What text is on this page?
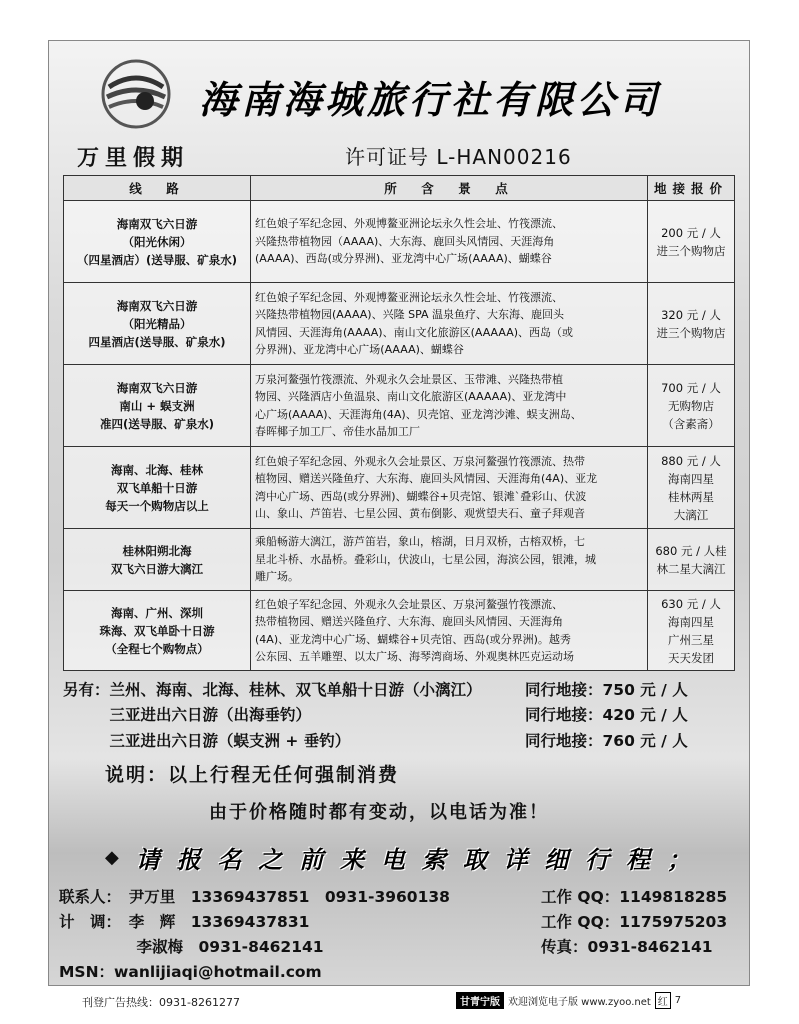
海南海城旅行社有限公司
万里假期	许可证号 L-HAN00216
线　路	所　含　景　点	地接报价

海南双飞六日游
（阳光休闲）
（四星酒店）(送导服、矿泉水)	红色娘子军纪念园、外观博鳌亚洲论坛永久性会址、竹筏漂流、
兴隆热带植物园（AAAA)、大东海、鹿回头风情园、天涯海角
(AAAA)、西岛(或分界洲)、亚龙湾中心广场(AAAA)、蝴蝶谷	200 元 / 人
进三个购物店

海南双飞六日游
（阳光精品）
四星酒店(送导服、矿泉水)	红色娘子军纪念园、外观博鳌亚洲论坛永久性会址、竹筏漂流、
兴隆热带植物园(AAAA)、兴隆 SPA 温泉鱼疗、大东海、鹿回头
风情园、天涯海角(AAAA)、南山文化旅游区(AAAAA)、西岛（或
分界洲)、亚龙湾中心广场(AAAA)、蝴蝶谷	320 元 / 人
进三个购物店

海南双飞六日游
南山 + 蜈支洲
准四(送导服、矿泉水)	万泉河鳌强竹筏漂流、外观永久会址景区、玉带滩、兴隆热带植
物园、兴隆酒店小鱼温泉、南山文化旅游区(AAAAA)、亚龙湾中
心广场(AAAA)、天涯海角(4A)、贝壳馆、亚龙湾沙滩、蜈支洲岛、
春晖椰子加工厂、帝佳水晶加工厂	700 元 / 人
无购物店
（含素斋）

海南、北海、桂林
双飞单船十日游
每天一个购物店以上	红色娘子军纪念园、外观永久会址景区、万泉河鳌强竹筏漂流、热带
植物园、赠送兴隆鱼疗、大东海、鹿回头风情园、天涯海角(4A)、亚龙
湾中心广场、西岛(或分界洲)、蝴蝶谷+贝壳馆、银滩`叠彩山、伏波
山、象山、芦笛岩、七星公园、黄布倒影、观赏望夫石、童子拜观音	880 元 / 人
海南四星
桂林两星
大漓江

桂林阳朔北海
双飞六日游大漓江	乘船畅游大漓江，游芦笛岩，象山，榕湖，日月双桥，古榕双桥，七
星北斗桥、水晶桥。叠彩山，伏波山，七星公园，海滨公园，银滩，城
雕广场。	680 元 / 人桂
林二星大漓江

海南、广州、深圳
珠海、双飞单卧十日游
（全程七个购物点）	红色娘子军纪念园、外观永久会址景区、万泉河鳌强竹筏漂流、
热带植物园、赠送兴隆鱼疗、大东海、鹿回头风情园、天涯海角
(4A)、亚龙湾中心广场、蝴蝶谷+贝壳馆、西岛(或分界洲)。越秀
公东园、五羊雕塑、以太广场、海琴湾商场、外观奥林匹克运动场	630 元 / 人
海南四星
广州三星
天天发团
另有：兰州、海南、北海、桂林、双飞单船十日游（小漓江）	同行地接：750 元 / 人
　　　三亚进出六日游（出海垂钓）	同行地接：420 元 / 人
　　　三亚进出六日游（蜈支洲 + 垂钓）	同行地接：760 元 / 人
说明：以上行程无任何强制消费
由于价格随时都有变动，以电话为准！
◆ 请 报 名 之 前 来 电 索 取 详 细 行 程 ；
联系人：　尹万里　13369437851　0931-3960138	工作 QQ：1149818285
计　调：　李　辉　13369437831	工作 QQ：1175975203
　　　　　李淑梅　0931-8462141	传真：0931-8462141
MSN：wanlijiaqi@hotmail.com
刊登广告热线：0931-8261277	甘青宁版 欢迎浏览电子版 www.zyoo.net 红 7
